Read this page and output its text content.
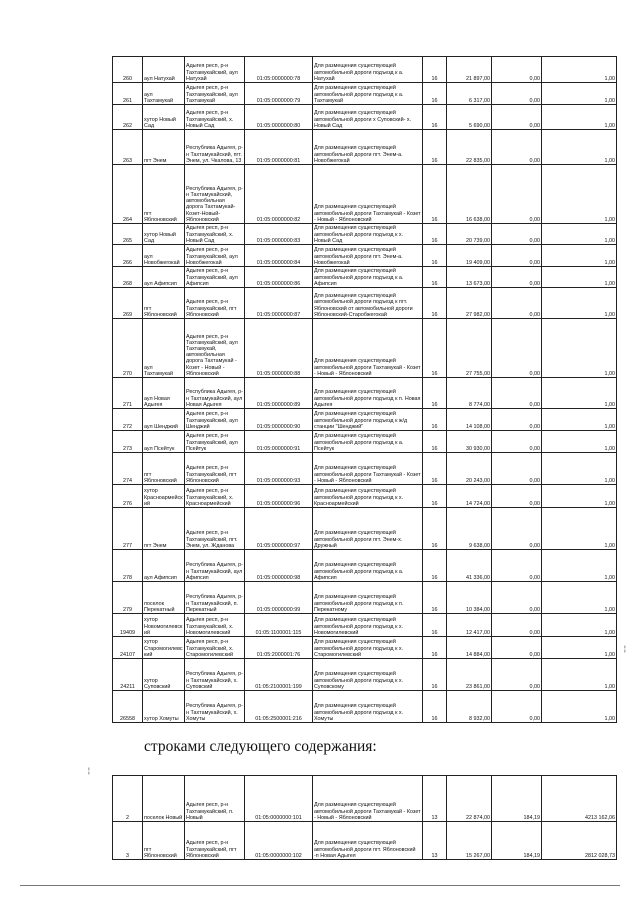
260	аул Натухай	Адыгея респ, р-н Тахтамукайский, аул Натухай	01:05:0000000:78	Для размещения существующей автомобильной дороги подъезд к а. Натухай	16	21 897,00	0,00	1,00
261	аул Тахтамукай	Адыгея респ, р-н Тахтамукайский, аул Тахтамукай	01:05:0000000:79	Для размещения существующей автомобильной дороги подъезд к а. Тахтамукай	16	6 317,00	0,00	1,00
262	хутор Новый Сад	Адыгея респ, р-н Тахтамукайский, х. Новый Сад	01:05:0000000:80	Для размещения существующей автомобильной дороги х Суповский- х. Новый Сад	16	5 690,00	0,00	1,00
263	пгт Энем	Республика Адыгея, р-н Тахтамукайский, пгт. Энем, ул. Чкалова, 13	01:05:0000000:81	Для размещения существующей автомобильной дороги пгт. Энем-а. Новобжегокай	16	22 835,00	0,00	1,00
264	пгт Яблоновский	Республика Адыгея, р-н Тахтамукайский, автомобильная дорога Тахтамукай-Козет-Новый-Яблоновский	01:05:0000000:82	Для размещения существующей автомобильной дороги Тахтамукай - Козет - Новый - Яблоновский	16	16 638,00	0,00	1,00
265	хутор Новый Сад	Адыгея респ, р-н Тахтамукайский, х. Новый Сад	01:05:0000000:83	Для размещения существующей автомобильной дороги подъезд к х. Новый Сад	16	20 739,00	0,00	1,00
266	аул Новобжегокай	Адыгея респ, р-н Тахтамукайский, аул Новобжегокай	01:05:0000000:84	Для размещения существующей автомобильной дороги пгт. Энем-а. Новобжегокай	16	19 409,00	0,00	1,00
268	аул Афипсип	Адыгея респ, р-н Тахтамукайский, аул Афипсип	01:05:0000000:86	Для размещения существующей автомобильной дороги подъезд к а. Афипсип	16	13 673,00	0,00	1,00
269	пгт Яблоновский	Адыгея респ, р-н Тахтамукайский, пгт Яблоновский	01:05:0000000:87	Для размещения существующей автомобильной дороги подъезд к пгт. Яблоновский от автомобильной дороги Яблоновский-Старобжегокай	16	27 982,00	0,00	1,00
270	аул Тахтамукай	Адыгея респ, р-н Тахтамукайский, аул Тахтамукай, автомобильная дорога Тахтамукай - Козет - Новый - Яблоновский	01:05:0000000:88	Для размещения существующей автомобильной дороги Тахтамукай - Козет - Новый - Яблоновский	16	27 755,00	0,00	1,00
271	аул Новая Адыгея	Республика Адыгея, р-н Тахтамукайский, аул Новая Адыгея	01:05:0000000:89	Для размещения существующей автомобильной дороги подъезд к п. Новая Адыгея	16	8 774,00	0,00	1,00
272	аул Шенджий	Адыгея респ, р-н Тахтамукайский, аул Шенджий	01:05:0000000:90	Для размещения существующей автомобильной дороги подъезд к ж/д станции "Шенджий"	16	14 108,00	0,00	1,00
273	аул Псейтук	Адыгея респ, р-н Тахтамукайский, аул Псейтук	01:05:0000000:91	Для размещения существующей автомобильной дороги подъезд к а. Псейтук	16	30 930,00	0,00	1,00
274	пгт Яблоновский	Адыгея респ, р-н Тахтамукайский, пгт Яблоновский	01:05:0000000:93	Для размещения существующей автомобильной дороги Тахтамукай - Козет - Новый - Яблоновский	16	20 243,00	0,00	1,00
276	хутор Красноармейский	Адыгея респ, р-н Тахтамукайский, х. Красноармейский	01:05:0000000:96	Для размещения существующей автомобильной дороги подъезд к х. Красноармейский	16	14 724,00	0,00	1,00
277	пгт Энем	Адыгея респ, р-н Тахтамукайский, пгт. Энем, ул. Жданова	01:05:0000000:97	Для размещения существующей автомобильной дороги пгт. Энем-х. Дружный	16	9 638,00	0,00	1,00
278	аул Афипсип	Республика Адыгея, р-н Тахтамукайский, аул Афипсип	01:05:0000000:98	Для размещения существующей автомобильной дороги подъезд к а. Афипсип	16	41 336,00	0,00	1,00
279	поселок Перекатный	Республика Адыгея, р-н Тахтамукайский, п. Перекатный	01:05:0000000:99	Для размещения существующей автомобильной дороги подъезд к п. Перекатному	16	10 384,00	0,00	1,00
19409	хутор Новомогилевский	Адыгея респ, р-н Тахтамукайский, х. Новомогилевский	01:05:1100001:115	Для размещения существующей автомобильной дороги подъезд к х. Новомогилевский	16	12 417,00	0,00	1,00
24107	хутор Старомогилевский	Адыгея респ, р-н Тахтамукайский, х. Старомогилевский	01:05:2000001:76	Для размещения существующей автомобильной дороги подъезд к х. Старомогилевский	16	14 884,00	0,00	1,00
24211	хутор Суповский	Республика Адыгея, р-н Тахтамукайский, х. Суповский	01:05:2100001:199	Для размещения существующей автомобильной дороги подъезд к х. Суповскому	16	23 861,00	0,00	1,00
26558	хутор Хомуты	Республика Адыгея, р-н Тахтамукайский, х. Хомуты	01:05:2500001:216	Для размещения существующей автомобильной дороги подъезд к х. Хомуты	16	8 932,00	0,00	1,00
строками следующего содержания:
2	поселок Новый	Адыгея респ, р-н Тахтамукайский, п. Новый	01:05:0000000:101	Для размещения существующей автомобильной дороги Тахтамукай - Козет - Новый - Яблоновский	13	22 874,00	184,19	4213 162,06
3	пгт Яблоновский	Адыгея респ, р-н Тахтамукайский, пгт Яблоновский	01:05:0000000:102	Для размещения существующей автомобильной дороги пгт. Яблоновский -п Новая Адыгея	13	15 267,00	184,19	2812 028,73
¦
¦
